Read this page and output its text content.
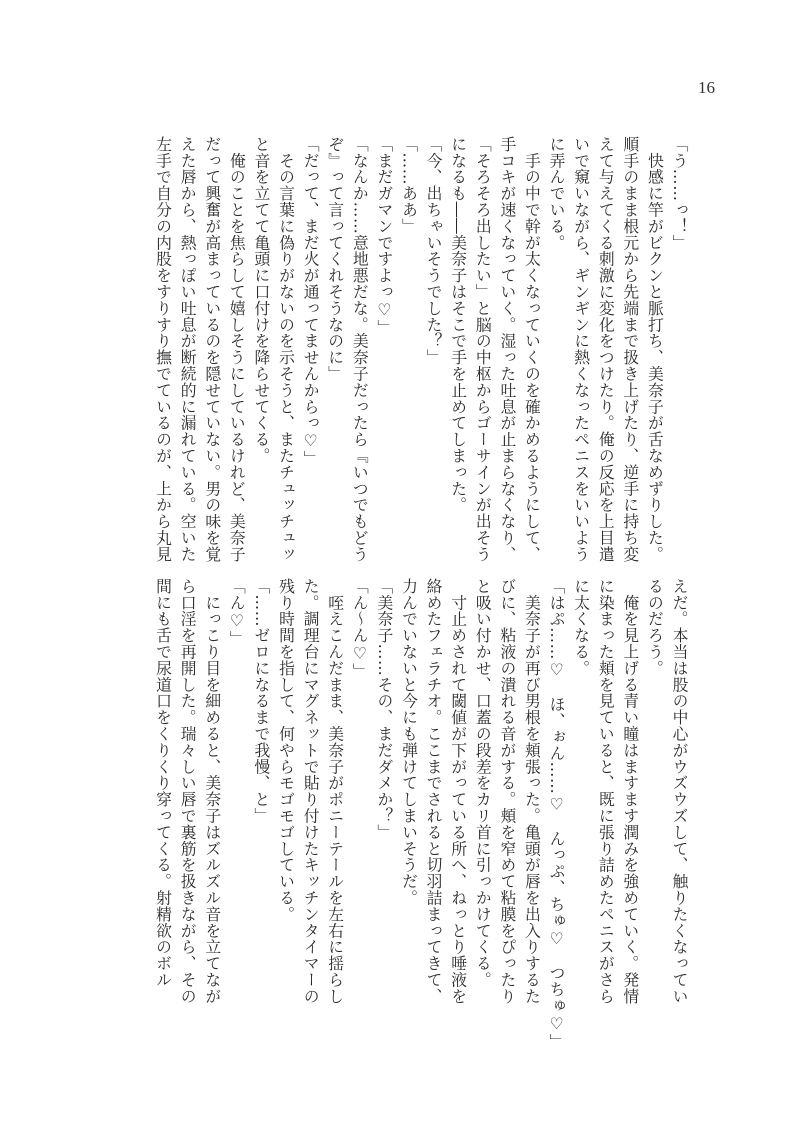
16
「う……っ！」
　快感に竿がビクンと脈打ち、美奈子が舌なめずりした。
順手のまま根元から先端まで扱き上げたり、逆手に持ち変
えて与えてくる刺激に変化をつけたり。俺の反応を上目遣
いで窺いながら、ギンギンに熱くなったペニスをいいよう
に弄んでいる。
　手の中で幹が太くなっていくのを確かめるようにして、
手コキが速くなっていく。湿った吐息が止まらなくなり、
「そろそろ出したい」と脳の中枢からゴーサインが出そう
になるも――美奈子はそこで手を止めてしまった。
「今、出ちゃいそうでした？」
「……ああ」
「まだガマンですよっ♡」
「なんか……意地悪だな。美奈子だったら『いつでもどう
ぞ』って言ってくれそうなのに」
「だって、まだ火が通ってませんからっ♡」
　その言葉に偽りがないのを示そうと、またチュッチュッ
と音を立てて亀頭に口付けを降らせてくる。
　俺のことを焦らして嬉しそうにしているけれど、美奈子
だって興奮が高まっているのを隠せていない。男の味を覚
えた唇から、熱っぽい吐息が断続的に漏れている。空いた
左手で自分の内股をすりすり撫でているのが、上から丸見
えだ。本当は股の中心がウズウズして、触りたくなってい
るのだろう。
　俺を見上げる青い瞳はますます潤みを強めていく。発情
に染まった頬を見ていると、既に張り詰めたペニスがさら
に太くなる。
「はぷ……♡　ほ、ぉん……♡　んっぷ、ちゅ♡　つちゅ♡」
　美奈子が再び男根を頬張った。亀頭が唇を出入りするた
びに、粘液の潰れる音がする。頬を窄めて粘膜をぴったり
と吸い付かせ、口蓋の段差をカリ首に引っかけてくる。
　寸止めされて閾値が下がっている所へ、ねっとり唾液を
絡めたフェラチオ。ここまでされると切羽詰まってきて、
力んでいないと今にも弾けてしまいそうだ。
「美奈子……その、まだダメか？」
「ん～ん♡」
　咥えこんだまま、美奈子がポニーテールを左右に揺らし
た。調理台にマグネットで貼り付けたキッチンタイマーの
残り時間を指して、何やらモゴモゴしている。
「……ゼロになるまで我慢、と」
「ん♡」
　にっこり目を細めると、美奈子はズルズル音を立てなが
ら口淫を再開した。瑞々しい唇で裏筋を扱きながら、その
間にも舌で尿道口をくりくり穿ってくる。射精欲のボル
